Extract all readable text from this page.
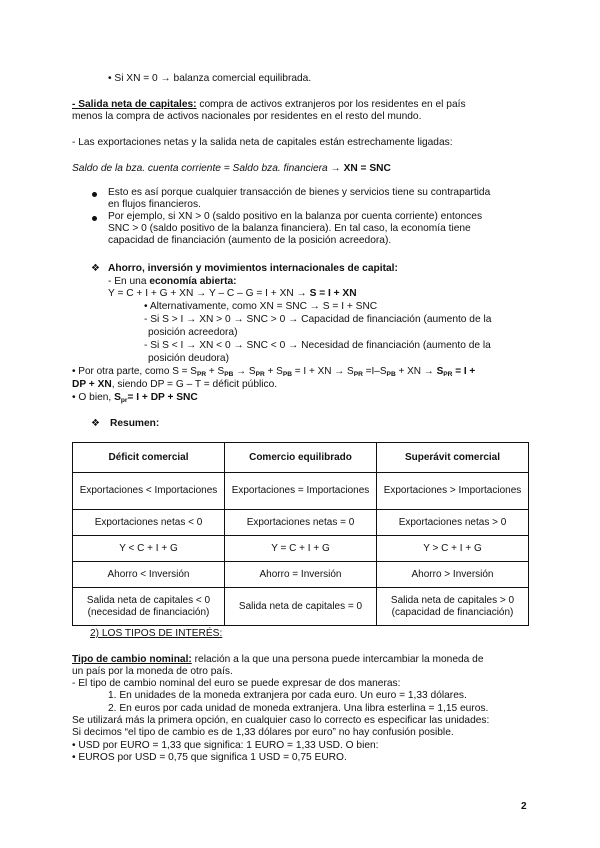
• Si XN = 0 → balanza comercial equilibrada.
- Salida neta de capitales: compra de activos extranjeros por los residentes en el país
menos la compra de activos nacionales por residentes en el resto del mundo.
- Las exportaciones netas y la salida neta de capitales están estrechamente ligadas:
Saldo de la bza. cuenta corriente = Saldo bza. financiera → XN = SNC
Esto es así porque cualquier transacción de bienes y servicios tiene su contrapartida
en flujos financieros.
Por ejemplo, si XN > 0 (saldo positivo en la balanza por cuenta corriente) entonces
SNC > 0 (saldo positivo de la balanza financiera). En tal caso, la economía tiene
capacidad de financiación (aumento de la posición acreedora).
❖ Ahorro, inversión y movimientos internacionales de capital:
- En una economía abierta:
Y = C + I + G + XN → Y – C – G = I + XN → S = I + XN
• Alternativamente, como XN = SNC → S = I + SNC
- Si S > I → XN > 0 → SNC > 0 → Capacidad de financiación (aumento de la
posición acreedora)
- Si S < I → XN < 0 → SNC < 0 → Necesidad de financiación (aumento de la
posición deudora)
• Por otra parte, como $S = S_{PR} + S_{PB} \to S_{PR} + S_{PB} = I$ + XN → $S_{PR} =I-S_{PB}$ + XN → $S_{PR} = I$ +
DP + XN, siendo DP = G – T = déficit público.
• O bien, $S_{pr}= I$ + DP + SNC
❖ Resumen:
Déficit comercial	Comercio equilibrado	Superávit comercial
Exportaciones < Importaciones	Exportaciones = Importaciones	Exportaciones > Importaciones
Exportaciones netas < 0	Exportaciones netas = 0	Exportaciones netas > 0
Y < C + I + G	Y = C + I + G	Y > C + I + G
Ahorro < Inversión	Ahorro = Inversión	Ahorro > Inversión
Salida neta de capitales < 0 (necesidad de financiación)	Salida neta de capitales = 0	Salida neta de capitales > 0 (capacidad de financiación)
2) LOS TIPOS DE INTERÉS:
Tipo de cambio nominal: relación a la que una persona puede intercambiar la moneda de
un país por la moneda de otro país.
- El tipo de cambio nominal del euro se puede expresar de dos maneras:
1. En unidades de la moneda extranjera por cada euro. Un euro = 1,33 dólares.
2. En euros por cada unidad de moneda extranjera. Una libra esterlina = 1,15 euros.
Se utilizará más la primera opción, en cualquier caso lo correcto es especificar las unidades:
Si decimos “el tipo de cambio es de 1,33 dólares por euro” no hay confusión posible.
• USD por EURO = 1,33 que significa: 1 EURO = 1,33 USD. O bien:
• EUROS por USD = 0,75 que significa 1 USD = 0,75 EURO.
2
